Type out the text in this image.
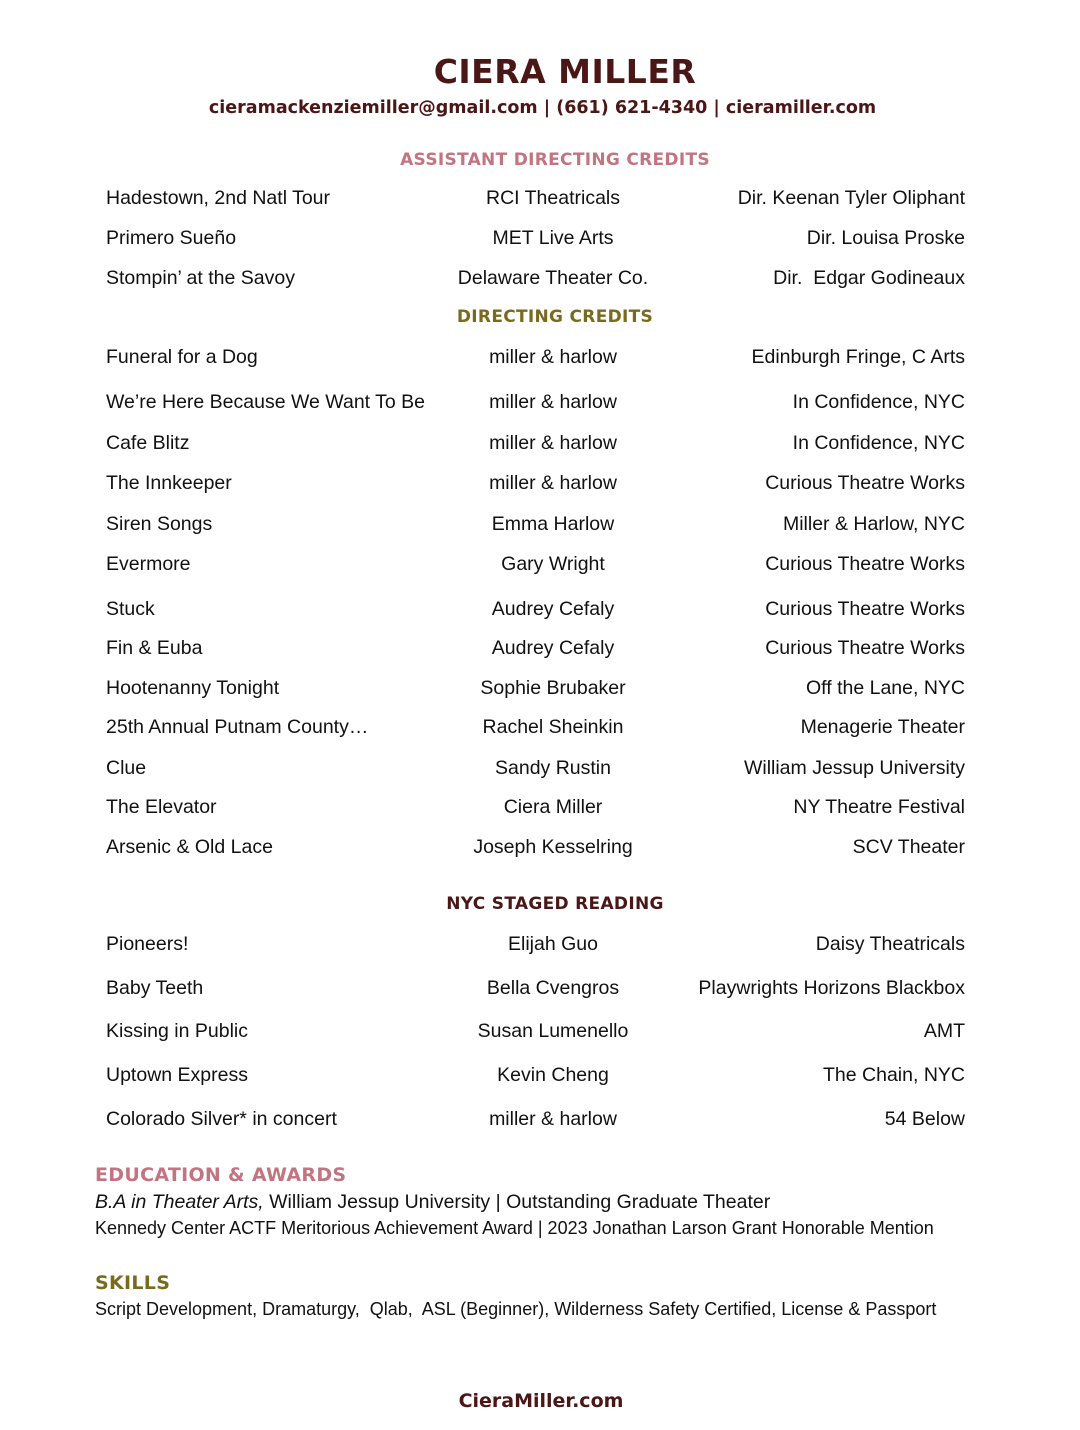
CIERA MILLER
cieramackenziemiller@gmail.com | (661) 621-4340 | cieramiller.com
ASSISTANT DIRECTING CREDITS
Hadestown, 2nd Natl Tour	RCI Theatricals	Dir. Keenan Tyler Oliphant
Primero Sueño	MET Live Arts	Dir. Louisa Proske
Stompin’ at the Savoy	Delaware Theater Co.	Dir.  Edgar Godineaux
DIRECTING CREDITS
Funeral for a Dog	miller & harlow	Edinburgh Fringe, C Arts
We’re Here Because We Want To Be	miller & harlow	In Confidence, NYC
Cafe Blitz	miller & harlow	In Confidence, NYC
The Innkeeper	miller & harlow	Curious Theatre Works
Siren Songs	Emma Harlow	Miller & Harlow, NYC
Evermore	Gary Wright	Curious Theatre Works
Stuck	Audrey Cefaly	Curious Theatre Works
Fin & Euba	Audrey Cefaly	Curious Theatre Works
Hootenanny Tonight	Sophie Brubaker	Off the Lane, NYC
25th Annual Putnam County…	Rachel Sheinkin	Menagerie Theater
Clue	Sandy Rustin	William Jessup University
The Elevator	Ciera Miller	NY Theatre Festival
Arsenic & Old Lace	Joseph Kesselring	SCV Theater
NYC STAGED READING
Pioneers!	Elijah Guo	Daisy Theatricals
Baby Teeth	Bella Cvengros	Playwrights Horizons Blackbox
Kissing in Public	Susan Lumenello	AMT
Uptown Express	Kevin Cheng	The Chain, NYC
Colorado Silver* in concert	miller & harlow	54 Below
EDUCATION & AWARDS
B.A in Theater Arts, William Jessup University | Outstanding Graduate Theater
Kennedy Center ACTF Meritorious Achievement Award | 2023 Jonathan Larson Grant Honorable Mention
SKILLS
Script Development, Dramaturgy,  Qlab,  ASL (Beginner), Wilderness Safety Certified, License & Passport
CieraMiller.com
